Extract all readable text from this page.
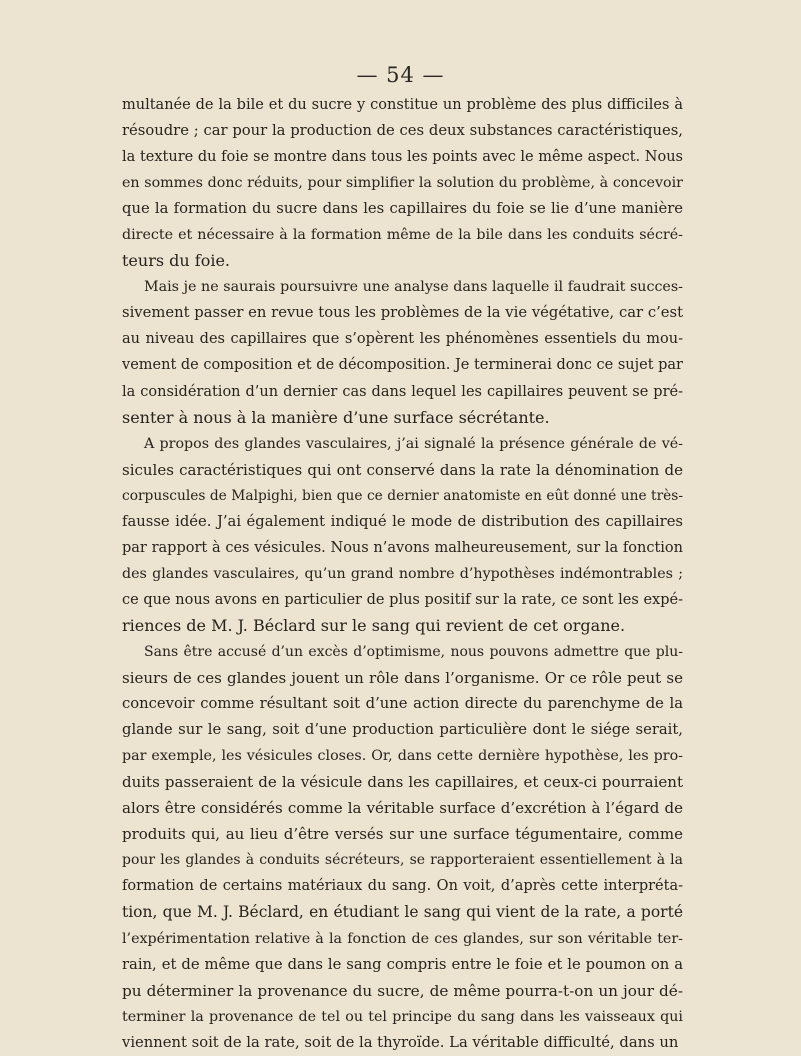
— 54 —
multanée de la bile et du sucre y constitue un problème des plus difficiles à
résoudre ; car pour la production de ces deux substances caractéristiques,
la texture du foie se montre dans tous les points avec le même aspect. Nous
en sommes donc réduits, pour simplifier la solution du problème, à concevoir
que la formation du sucre dans les capillaires du foie se lie d’une manière
directe et nécessaire à la formation même de la bile dans les conduits sécré-
teurs du foie.
Mais je ne saurais poursuivre une analyse dans laquelle il faudrait succes-
sivement passer en revue tous les problèmes de la vie végétative, car c’est
au niveau des capillaires que s’opèrent les phénomènes essentiels du mou-
vement de composition et de décomposition. Je terminerai donc ce sujet par
la considération d’un dernier cas dans lequel les capillaires peuvent se pré-
senter à nous à la manière d’une surface sécrétante.
A propos des glandes vasculaires, j’ai signalé la présence générale de vé-
sicules caractéristiques qui ont conservé dans la rate la dénomination de
corpuscules de Malpighi, bien que ce dernier anatomiste en eût donné une très-
fausse idée. J’ai également indiqué le mode de distribution des capillaires
par rapport à ces vésicules. Nous n’avons malheureusement, sur la fonction
des glandes vasculaires, qu’un grand nombre d’hypothèses indémontrables ;
ce que nous avons en particulier de plus positif sur la rate, ce sont les expé-
riences de M. J. Béclard sur le sang qui revient de cet organe.
Sans être accusé d’un excès d’optimisme, nous pouvons admettre que plu-
sieurs de ces glandes jouent un rôle dans l’organisme. Or ce rôle peut se
concevoir comme résultant soit d’une action directe du parenchyme de la
glande sur le sang, soit d’une production particulière dont le siége serait,
par exemple, les vésicules closes. Or, dans cette dernière hypothèse, les pro-
duits passeraient de la vésicule dans les capillaires, et ceux-ci pourraient
alors être considérés comme la véritable surface d’excrétion à l’égard de
produits qui, au lieu d’être versés sur une surface tégumentaire, comme
pour les glandes à conduits sécréteurs, se rapporteraient essentiellement à la
formation de certains matériaux du sang. On voit, d’après cette interpréta-
tion, que M. J. Béclard, en étudiant le sang qui vient de la rate, a porté
l’expérimentation relative à la fonction de ces glandes, sur son véritable ter-
rain, et de même que dans le sang compris entre le foie et le poumon on a
pu déterminer la provenance du sucre, de même pourra-t-on un jour dé-
terminer la provenance de tel ou tel principe du sang dans les vaisseaux qui
viennent soit de la rate, soit de la thyroïde. La véritable difficulté, dans un
